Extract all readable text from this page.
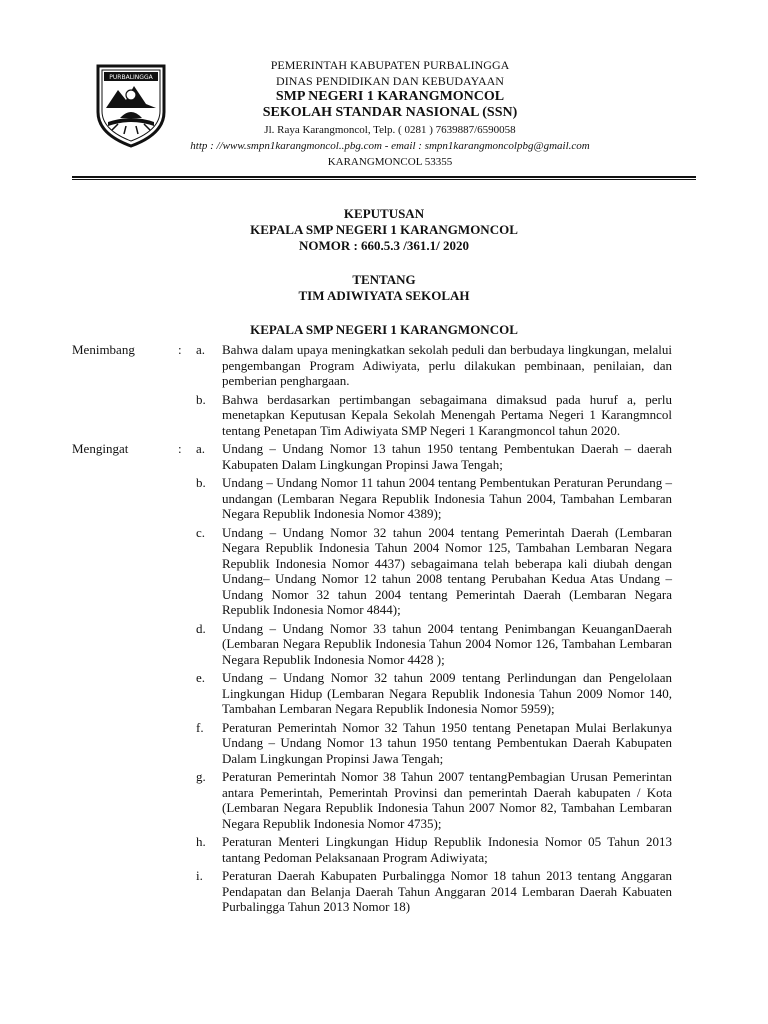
PURBALINGGA
PEMERINTAH KABUPATEN PURBALINGGA
DINAS PENDIDIKAN DAN KEBUDAYAAN
SMP NEGERI 1 KARANGMONCOL
SEKOLAH STANDAR NASIONAL (SSN)
Jl. Raya Karangmoncol, Telp. ( 0281 ) 7639887/6590058
http : //www.smpn1karangmoncol..pbg.com - email : smpn1karangmoncolpbg@gmail.com
KARANGMONCOL 53355
KEPUTUSAN
KEPALA SMP NEGERI 1 KARANGMONCOL
NOMOR : 660.5.3 /361.1/ 2020
TENTANG
TIM ADIWIYATA SEKOLAH
KEPALA SMP NEGERI 1 KARANGMONCOL
Menimbang	: a.	Bahwa dalam upaya meningkatkan sekolah peduli dan berbudaya lingkungan, melalui pengembangan Program Adiwiyata, perlu dilakukan pembinaan, penilaian, dan pemberian penghargaan.
b.	Bahwa berdasarkan pertimbangan sebagaimana dimaksud pada huruf a, perlu menetapkan Keputusan Kepala Sekolah Menengah Pertama Negeri 1 Karangmncol tentang Penetapan Tim Adiwiyata SMP Negeri 1 Karangmoncol tahun 2020.
Mengingat	: a.	Undang – Undang Nomor 13 tahun 1950 tentang Pembentukan Daerah – daerah Kabupaten Dalam Lingkungan Propinsi Jawa Tengah;
b.	Undang – Undang Nomor 11 tahun 2004 tentang Pembentukan Peraturan Perundang – undangan (Lembaran Negara Republik Indonesia Tahun 2004, Tambahan Lembaran Negara Republik Indonesia Nomor 4389);
c.	Undang – Undang Nomor 32 tahun 2004 tentang Pemerintah Daerah (Lembaran Negara Republik Indonesia Tahun 2004 Nomor 125, Tambahan Lembaran Negara Republik Indonesia Nomor 4437) sebagaimana telah beberapa kali diubah dengan Undang– Undang Nomor 12 tahun 2008 tentang Perubahan Kedua Atas Undang – Undang Nomor 32 tahun 2004 tentang Pemerintah Daerah (Lembaran Negara Republik Indonesia Nomor 4844);
d.	Undang – Undang Nomor 33 tahun 2004 tentang Penimbangan KeuanganDaerah (Lembaran Negara Republik Indonesia Tahun 2004 Nomor 126, Tambahan Lembaran Negara Republik Indonesia Nomor 4428 );
e.	Undang – Undang Nomor 32 tahun 2009 tentang Perlindungan dan Pengelolaan Lingkungan Hidup (Lembaran Negara Republik Indonesia Tahun 2009 Nomor 140, Tambahan Lembaran Negara Republik Indonesia Nomor 5959);
f.	Peraturan Pemerintah Nomor 32 Tahun 1950 tentang Penetapan Mulai Berlakunya Undang – Undang Nomor 13 tahun 1950 tentang Pembentukan Daerah Kabupaten Dalam Lingkungan Propinsi Jawa Tengah;
g.	Peraturan Pemerintah Nomor 38 Tahun 2007 tentangPembagian Urusan Pemerintan antara Pemerintah, Pemerintah Provinsi dan pemerintah Daerah kabupaten / Kota (Lembaran Negara Republik Indonesia Tahun 2007 Nomor 82, Tambahan Lembaran Negara Republik Indonesia Nomor 4735);
h.	Peraturan Menteri Lingkungan Hidup Republik Indonesia Nomor 05 Tahun 2013 tantang Pedoman Pelaksanaan Program Adiwiyata;
i.	Peraturan Daerah Kabupaten Purbalingga Nomor 18 tahun 2013 tentang Anggaran Pendapatan dan Belanja Daerah Tahun Anggaran 2014 Lembaran Daerah Kabuaten Purbalingga Tahun 2013 Nomor 18)
